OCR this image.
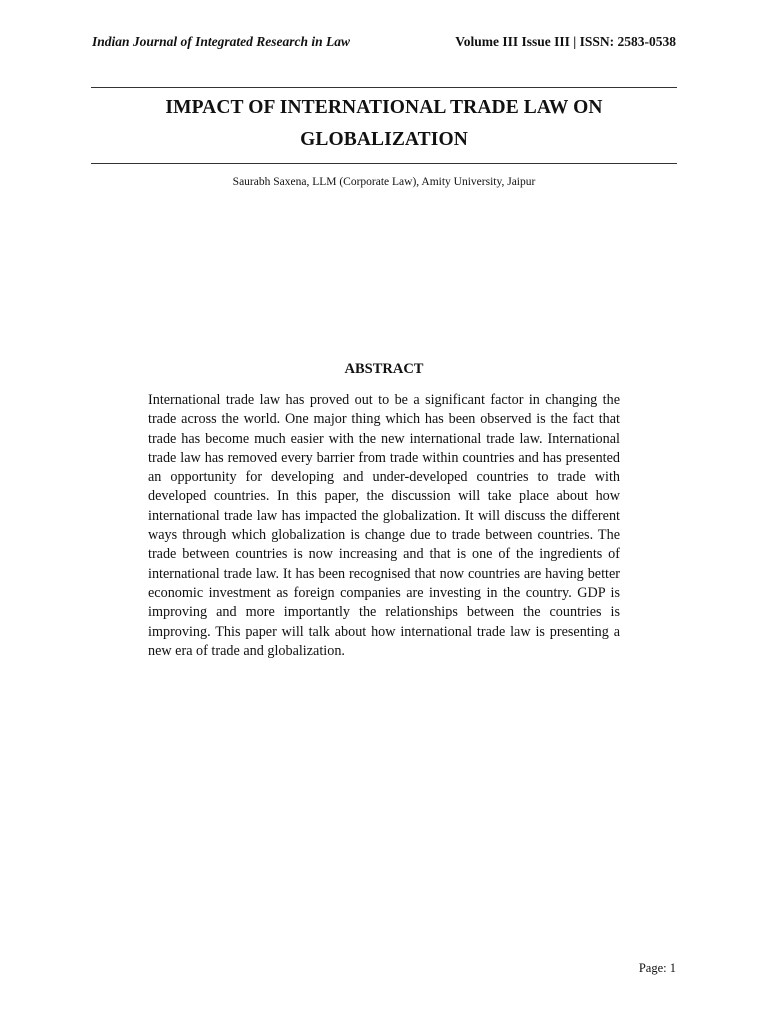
Indian Journal of Integrated Research in Law	Volume III Issue III | ISSN: 2583-0538
IMPACT OF INTERNATIONAL TRADE LAW ON GLOBALIZATION
Saurabh Saxena, LLM (Corporate Law), Amity University, Jaipur
ABSTRACT
International trade law has proved out to be a significant factor in changing the trade across the world. One major thing which has been observed is the fact that trade has become much easier with the new international trade law. International trade law has removed every barrier from trade within countries and has presented an opportunity for developing and under-developed countries to trade with developed countries. In this paper, the discussion will take place about how international trade law has impacted the globalization. It will discuss the different ways through which globalization is change due to trade between countries. The trade between countries is now increasing and that is one of the ingredients of international trade law. It has been recognised that now countries are having better economic investment as foreign companies are investing in the country. GDP is improving and more importantly the relationships between the countries is improving. This paper will talk about how international trade law is presenting a new era of trade and globalization.
Page: 1
